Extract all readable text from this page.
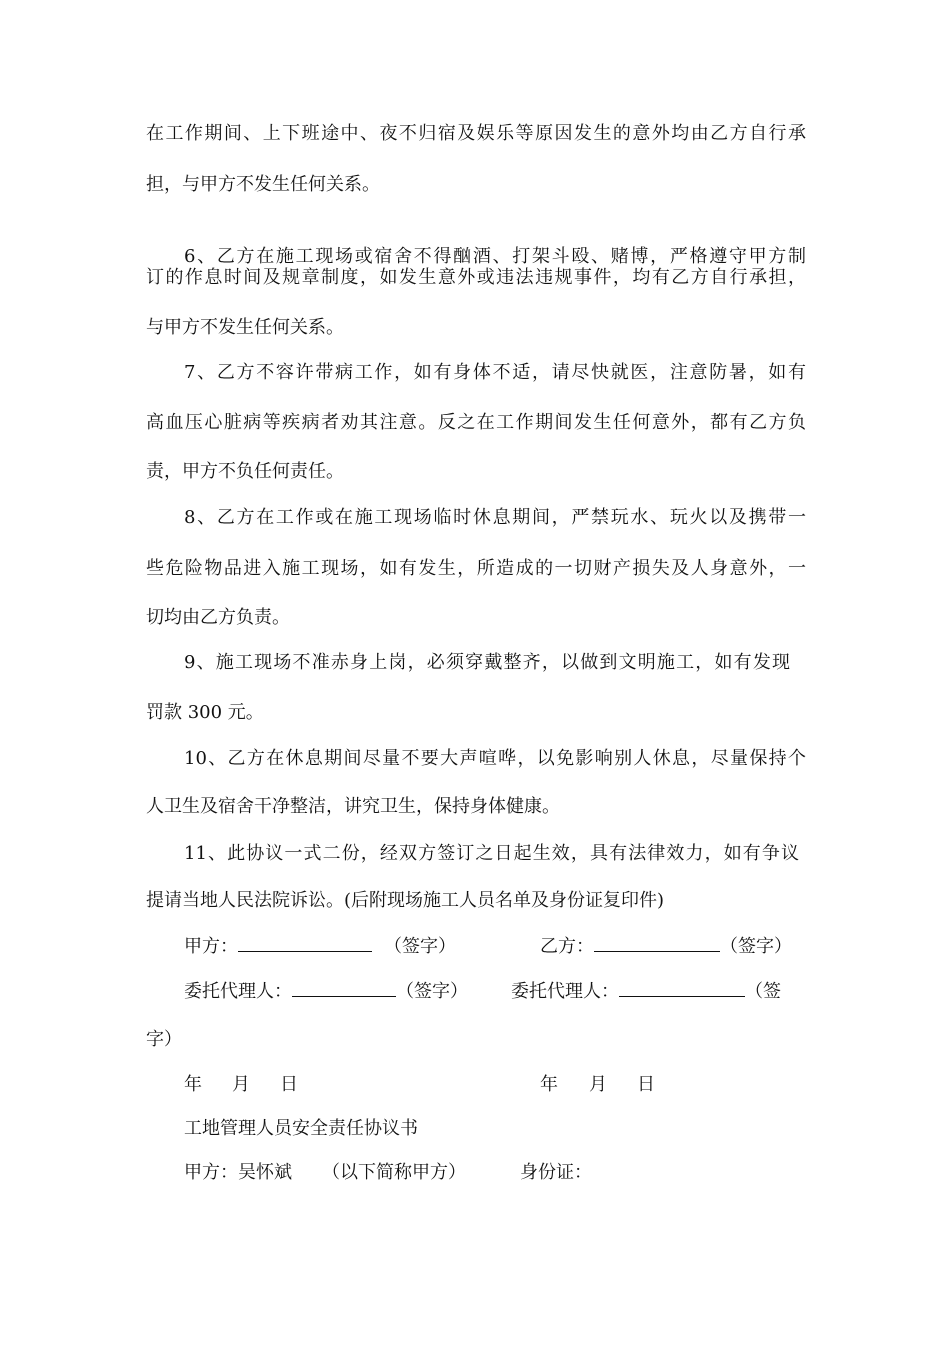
在工作期间、上下班途中、夜不归宿及娱乐等原因发生的意外均由乙方自行承
担，与甲方不发生任何关系。
6、乙方在施工现场或宿舍不得酗酒、打架斗殴、赌博，严格遵守甲方制
订的作息时间及规章制度，如发生意外或违法违规事件，均有乙方自行承担，
与甲方不发生任何关系。
7、乙方不容许带病工作，如有身体不适，请尽快就医，注意防暑，如有
高血压心脏病等疾病者劝其注意。反之在工作期间发生任何意外，都有乙方负
责，甲方不负任何责任。
8、乙方在工作或在施工现场临时休息期间，严禁玩水、玩火以及携带一
些危险物品进入施工现场，如有发生，所造成的一切财产损失及人身意外，一
切均由乙方负责。
9、施工现场不准赤身上岗，必须穿戴整齐，以做到文明施工，如有发现
罚款 300 元。
10、乙方在休息期间尽量不要大声喧哗，以免影响别人休息，尽量保持个
人卫生及宿舍干净整洁，讲究卫生，保持身体健康。
11、此协议一式二份，经双方签订之日起生效，具有法律效力，如有争议
提请当地人民法院诉讼。(后附现场施工人员名单及身份证复印件)
甲方：	（签字）	乙方：	（签字）
委托代理人：	（签字） 委托代理人：	（签
字）
年 月 日	年 月 日
工地管理人员安全责任协议书
甲方：吴怀斌 （以下简称甲方）	身份证：
